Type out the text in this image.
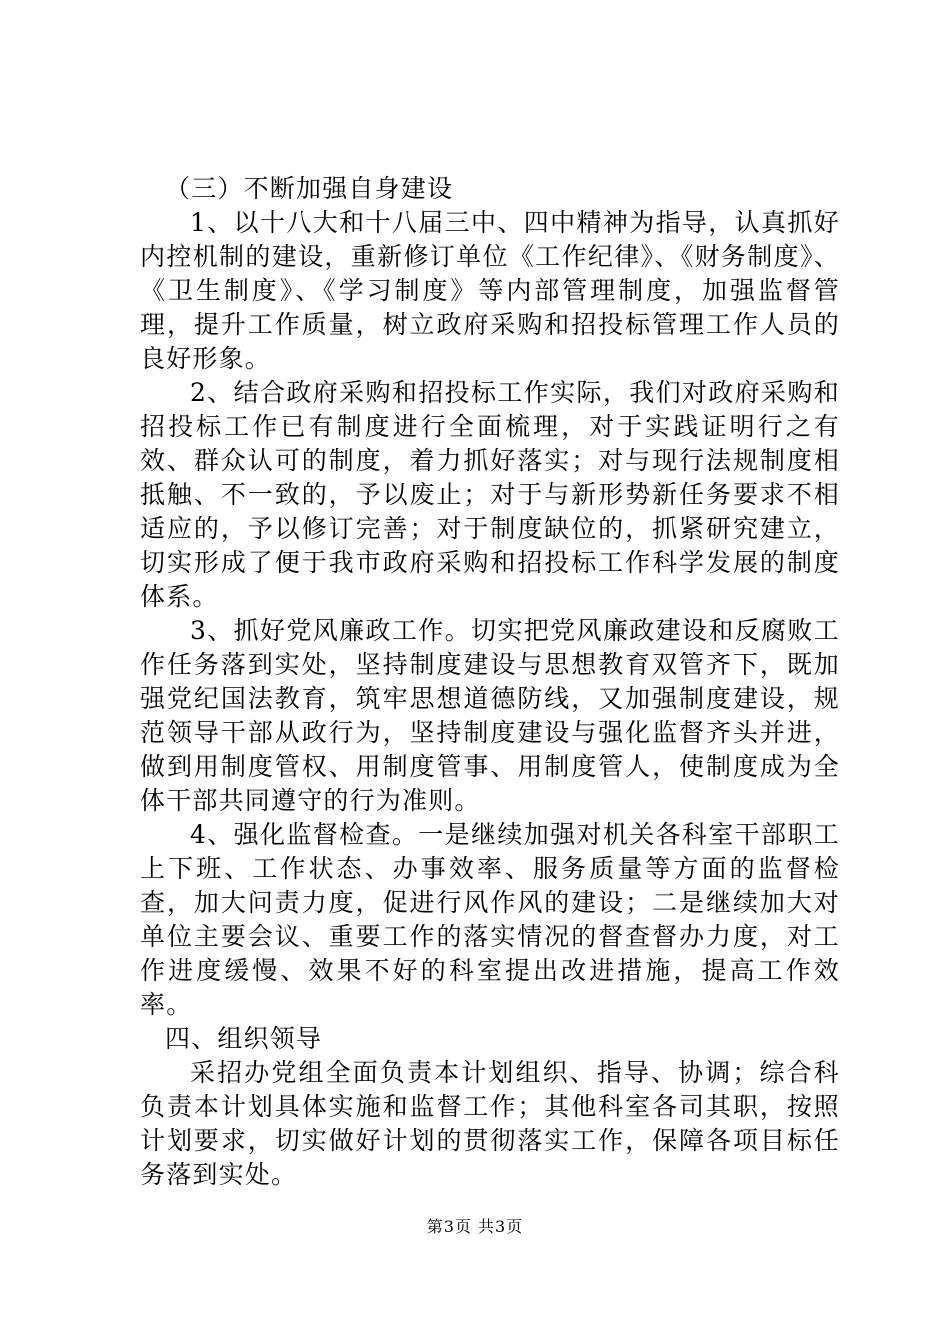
（三）不断加强自身建设

1、以十八大和十八届三中、四中精神为指导，认真抓好内控机制的建设，重新修订单位《工作纪律》、《财务制度》、《卫生制度》、《学习制度》等内部管理制度，加强监督管理，提升工作质量，树立政府采购和招投标管理工作人员的良好形象。

2、结合政府采购和招投标工作实际，我们对政府采购和招投标工作已有制度进行全面梳理，对于实践证明行之有效、群众认可的制度，着力抓好落实；对与现行法规制度相抵触、不一致的，予以废止；对于与新形势新任务要求不相适应的，予以修订完善；对于制度缺位的，抓紧研究建立，切实形成了便于我市政府采购和招投标工作科学发展的制度体系。

3、抓好党风廉政工作。切实把党风廉政建设和反腐败工作任务落到实处，坚持制度建设与思想教育双管齐下，既加强党纪国法教育，筑牢思想道德防线，又加强制度建设，规范领导干部从政行为，坚持制度建设与强化监督齐头并进，做到用制度管权、用制度管事、用制度管人，使制度成为全体干部共同遵守的行为准则。

4、强化监督检查。一是继续加强对机关各科室干部职工上下班、工作状态、办事效率、服务质量等方面的监督检查，加大问责力度，促进行风作风的建设；二是继续加大对单位主要会议、重要工作的落实情况的督查督办力度，对工作进度缓慢、效果不好的科室提出改进措施，提高工作效率。

四、组织领导

采招办党组全面负责本计划组织、指导、协调；综合科负责本计划具体实施和监督工作；其他科室各司其职，按照计划要求，切实做好计划的贯彻落实工作，保障各项目标任务落到实处。

第3页 共3页
